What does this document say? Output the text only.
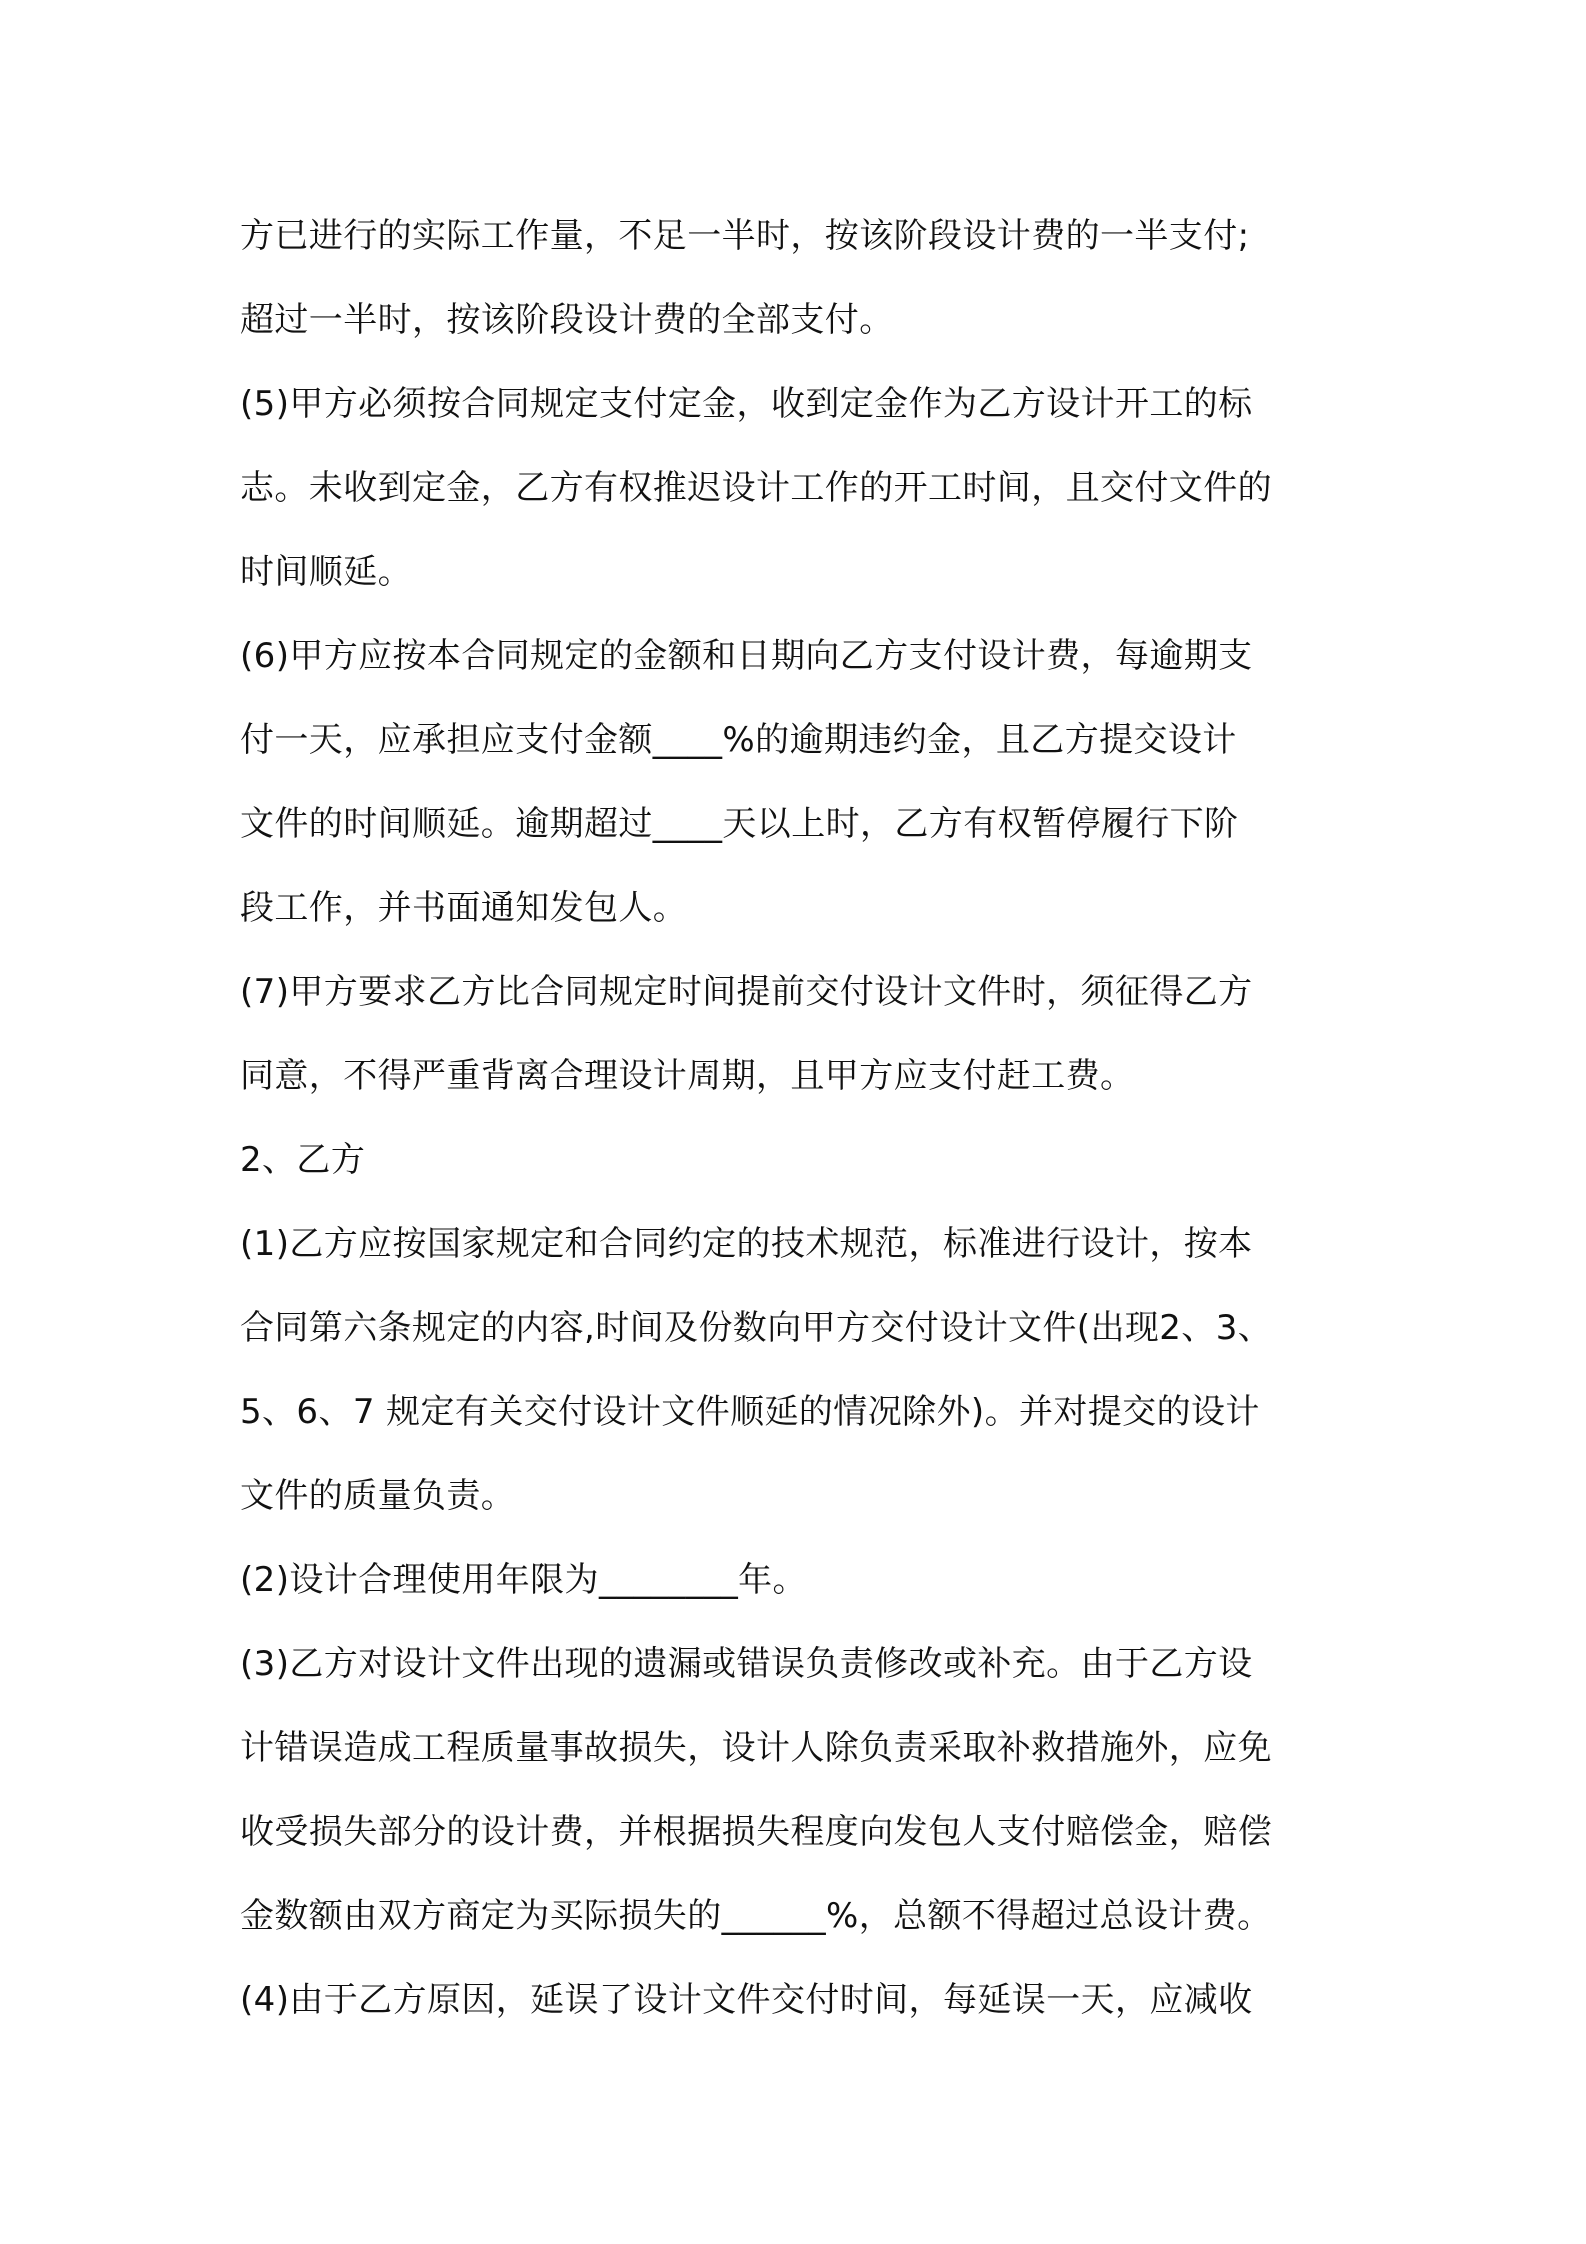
方已进行的实际工作量，不足一半时，按该阶段设计费的一半支付;
超过一半时，按该阶段设计费的全部支付。
(5)甲方必须按合同规定支付定金，收到定金作为乙方设计开工的标
志。未收到定金，乙方有权推迟设计工作的开工时间，且交付文件的
时间顺延。
(6)甲方应按本合同规定的金额和日期向乙方支付设计费，每逾期支
付一天，应承担应支付金额____%的逾期违约金，且乙方提交设计
文件的时间顺延。逾期超过____天以上时，乙方有权暂停履行下阶
段工作，并书面通知发包人。
(7)甲方要求乙方比合同规定时间提前交付设计文件时，须征得乙方
同意，不得严重背离合理设计周期，且甲方应支付赶工费。
2、乙方
(1)乙方应按国家规定和合同约定的技术规范，标准进行设计，按本
合同第六条规定的内容,时间及份数向甲方交付设计文件(出现2、3、
5、6、7 规定有关交付设计文件顺延的情况除外)。并对提交的设计
文件的质量负责。
(2)设计合理使用年限为________年。
(3)乙方对设计文件出现的遗漏或错误负责修改或补充。由于乙方设
计错误造成工程质量事故损失，设计人除负责采取补救措施外，应免
收受损失部分的设计费，并根据损失程度向发包人支付赔偿金，赔偿
金数额由双方商定为买际损失的______%，总额不得超过总设计费。
(4)由于乙方原因，延误了设计文件交付时间，每延误一天，应减收
